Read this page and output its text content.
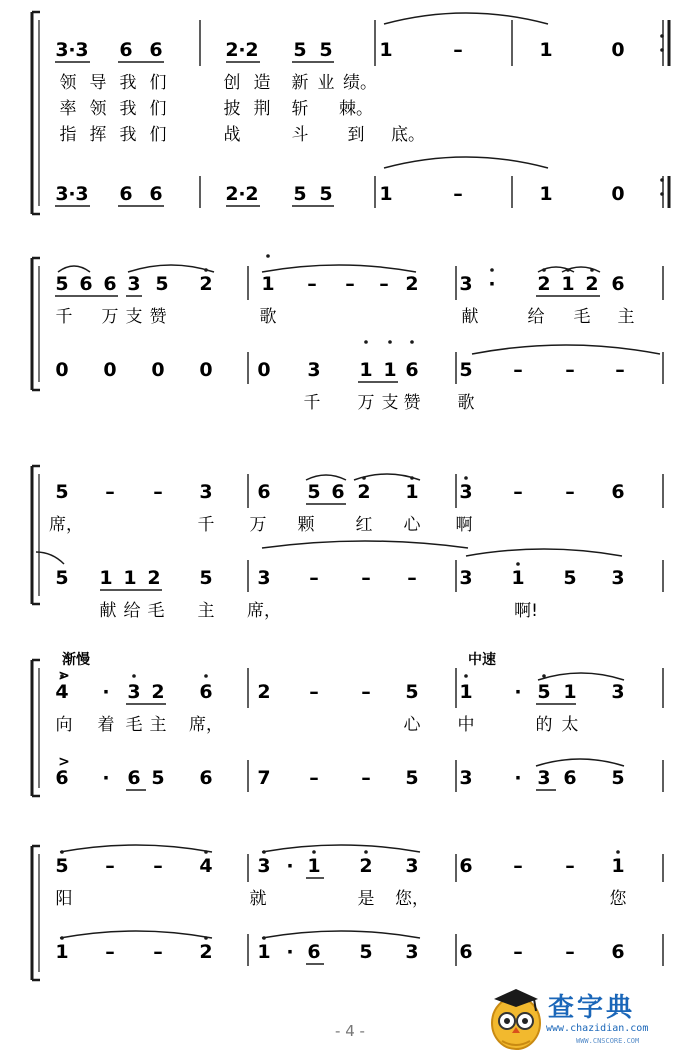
3 · 3 6 6	2 · 2 5 5 1	–	1	0
3 · 3 6 6	2 · 2 5 5 1	–	1	0
领 导 我 们	创 造 新 业 绩。
率 领 我 们	披 荆 斩 棘。
指 挥 我 们	战	斗 到 底。
5 6 6 3 5 2	1 – – – 2 3 · 2 1 2 6
0 0 0 0 0 3 1 1 6 5 – – –
千 万 支 赞	歌	献	给 毛 主
千 万 支 赞 歌
5 – – 3 6 5 6 2 1 3 – – 6
5 1 1 2 5 3 – – – 3 1 5 3
席，	千 万 颗 红 心 啊
献 给 毛 主 席，	啊!
4 · 3 2 6 2 – – 5 1 · 5 1 3
6 · 6 5 6 7 – – 5 3 · 3 6 5
向 着 毛 主 席，	心 中	的 太
5 – – 4 3 · 1 2 3 6 – – 1
1 – – 2 1 · 6 5 3 6 – – 6
阳	就	是 您，	您
渐慢	中速
>
>
- 4 -
查字典
www.chazidian.com
WWW.CNSCORE.COM
